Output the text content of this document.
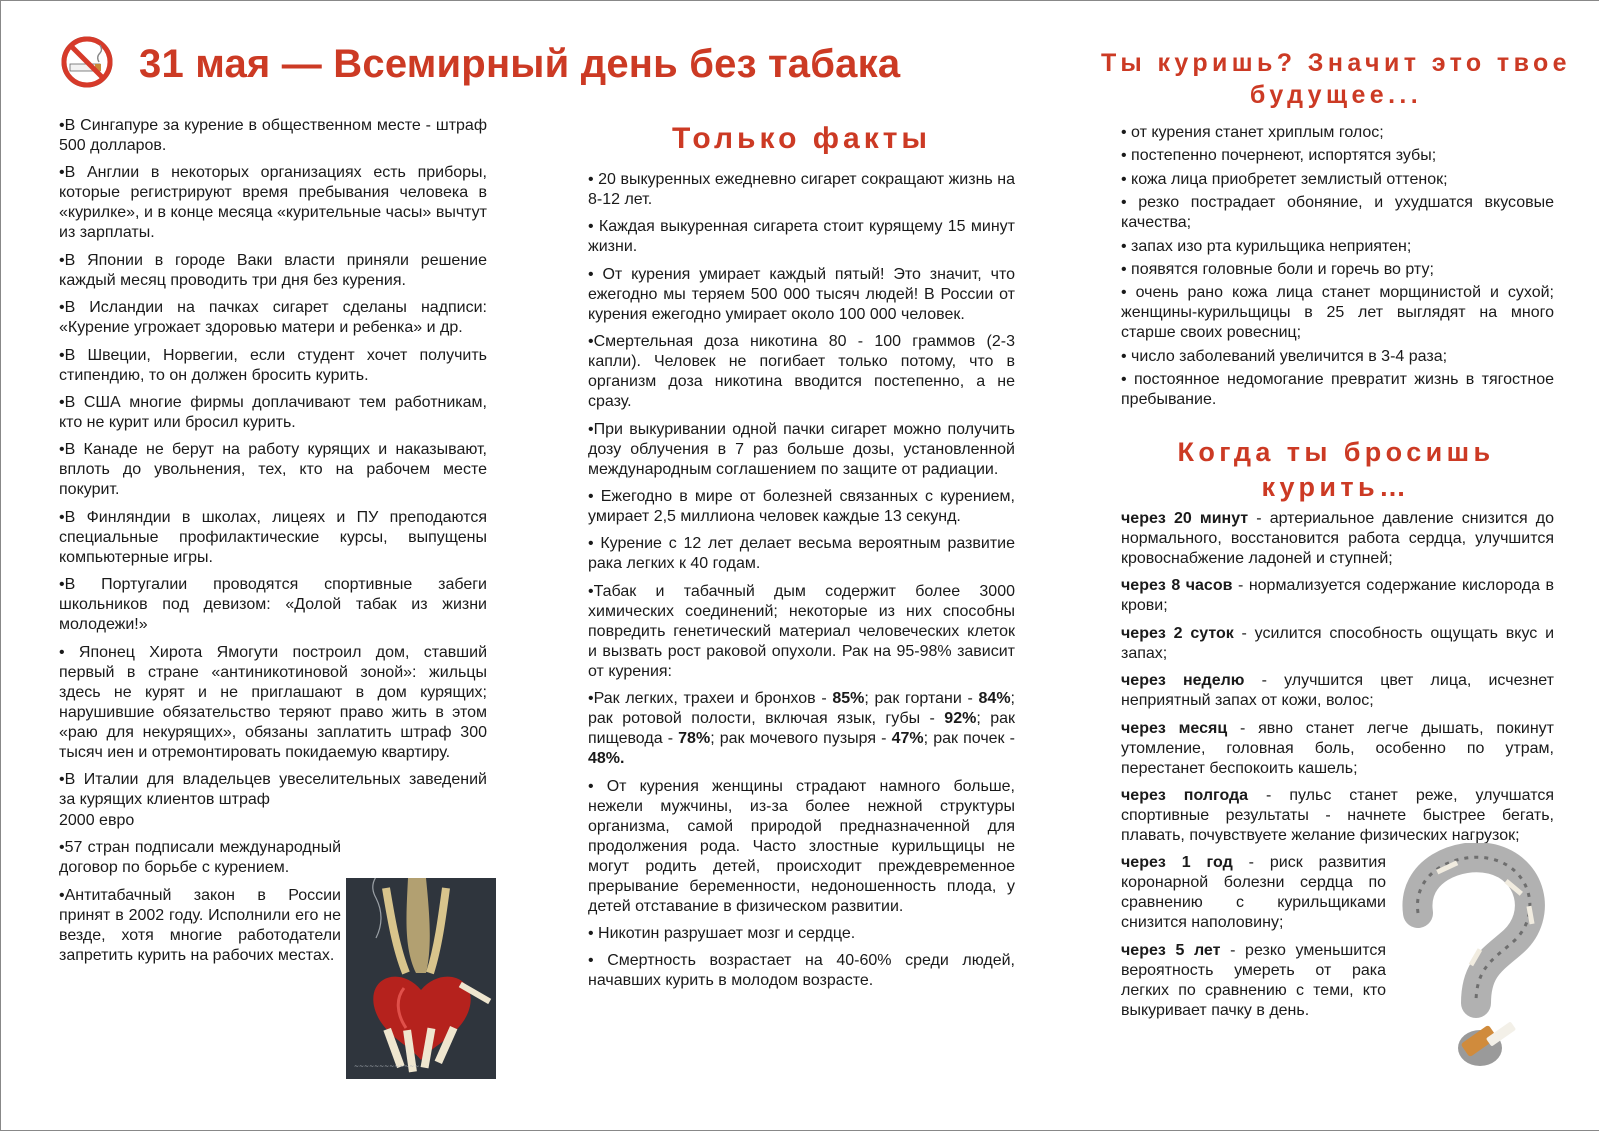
31 мая — Всемирный день без табака
•В Сингапуре за курение в общественном месте - штраф 500 долларов.
•В Англии в некоторых организациях есть приборы, которые регистрируют время пребывания человека в «курилке», и в конце месяца «курительные часы» вычтут из зарплаты.
•В Японии в городе Ваки власти приняли решение каждый месяц проводить три дня без курения.
•В Исландии на пачках сигарет сделаны надписи: «Курение угрожает здоровью матери и ребенка» и др.
•В Швеции, Норвегии, если студент хочет получить стипендию, то он должен бросить курить.
•В США многие фирмы доплачивают тем работникам, кто не курит или бросил курить.
•В Канаде не берут на работу курящих и наказывают, вплоть до увольнения, тех, кто на рабочем месте покурит.
•В Финляндии в школах, лицеях и ПУ преподаются специальные профилактические курсы, выпущены компьютерные игры.
•В Португалии проводятся спортивные забеги школьников под девизом: «Долой табак из жизни молодежи!»
• Японец Хирота Ямогути построил дом, ставший первый в стране «антиникотиновой зоной»: жильцы здесь не курят и не приглашают в дом курящих; нарушившие обязательство теряют право жить в этом «раю для некурящих», обязаны заплатить штраф 300 тысяч иен и отремонтировать покидаемую квартиру.
•В Италии для владельцев увеселительных заведений за курящих клиентов штраф
2000 евро
•57 стран подписали международный договор по борьбе с курением.
•Антитабачный закон в России принят в 2002 году. Исполнили его не везде, хотя многие работодатели запретить курить на рабочих местах.
Только факты
• 20 выкуренных ежедневно сигарет сокращают жизнь на 8-12 лет.
• Каждая выкуренная сигарета стоит курящему 15 минут жизни.
• От курения умирает каждый пятый! Это значит, что ежегодно мы теряем 500 000 тысяч людей! В России от курения ежегодно умирает около 100 000 человек.
•Смертельная доза никотина 80 - 100 граммов (2-3 капли). Человек не погибает только потому, что в организм доза никотина вводится постепенно, а не сразу.
•При выкуривании одной пачки сигарет можно получить дозу облучения в 7 раз больше дозы, установленной международным соглашением по защите от радиации.
• Ежегодно в мире от болезней связанных с курением, умирает 2,5 миллиона человек каждые 13 секунд.
• Курение с 12 лет делает весьма вероятным развитие рака легких к 40 годам.
•Табак и табачный дым содержит более 3000 химических соединений; некоторые из них способны повредить генетический материал человеческих клеток и вызвать рост раковой опухоли. Рак на 95-98% зависит от курения:
•Рак легких, трахеи и бронхов - 85%; рак гортани - 84%; рак ротовой полости, включая язык, губы - 92%; рак пищевода - 78%; рак мочевого пузыря - 47%; рак почек - 48%.
• От курения женщины страдают намного больше, нежели мужчины, из-за более нежной структуры организма, самой природой предназначенной для продолжения рода. Часто злостные курильщицы не могут родить детей, происходит преждевременное прерывание беременности, недоношенность плода, у детей отставание в физическом развитии.
• Никотин разрушает мозг и сердце.
• Смертность возрастает на 40-60% среди людей, начавших курить в молодом возрасте.
Ты куришь? Значит это твое будущее...
• от курения станет хриплым голос;
• постепенно почернеют, испортятся зубы;
• кожа лица приобретет землистый оттенок;
• резко пострадает обоняние, и ухудшатся вкусовые качества;
• запах изо рта курильщика неприятен;
• появятся головные боли и горечь во рту;
• очень рано кожа лица станет морщинистой и сухой; женщины-курильщицы в 25 лет выглядят на много старше своих ровесниц;
• число заболеваний увеличится в 3-4 раза;
• постоянное недомогание превратит жизнь в тягостное пребывание.
Когда ты бросишь курить…
через 20 минут - артериальное давление снизится до нормального, восстановится работа сердца, улучшится кровоснабжение ладоней и ступней;
через 8 часов - нормализуется содержание кислорода в крови;
через 2 суток - усилится способность ощущать вкус и запах;
через неделю - улучшится цвет лица, исчезнет неприятный запах от кожи, волос;
через месяц - явно станет легче дышать, покинут утомление, головная боль, особенно по утрам, перестанет беспокоить кашель;
через полгода - пульс станет реже, улучшатся спортивные результаты - начнете быстрее бегать, плавать, почувствуете желание физических нагрузок;
через 1 год - риск развития коронарной болезни сердца по сравнению с курильщиками снизится наполовину;
через 5 лет - резко уменьшится вероятность умереть от рака легких по сравнению с теми, кто выкуривает пачку в день.
~~~~~~~~~~~~~
